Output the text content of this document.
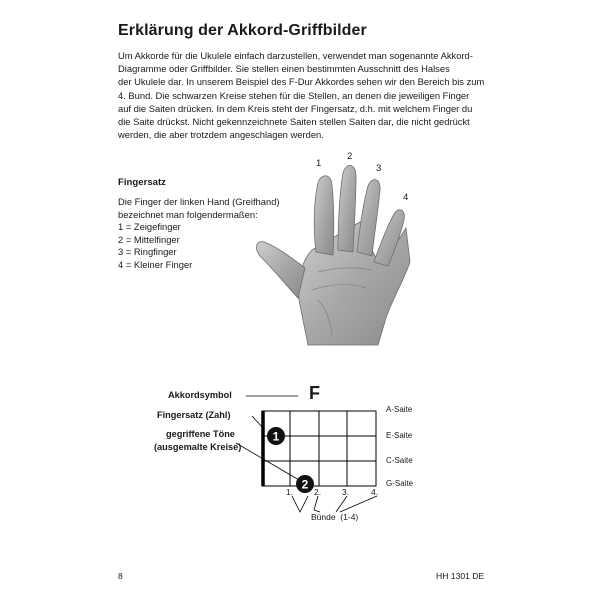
Erklärung der Akkord-Griffbilder
Um Akkorde für die Ukulele einfach darzustellen, verwendet man sogenannte Akkord-
Diagramme oder Griffbilder. Sie stellen einen bestimmten Ausschnitt des Halses
der Ukulele dar. In unserem Beispiel des F-Dur Akkordes sehen wir den Bereich bis zum
4. Bund. Die schwarzen Kreise stehen für die Stellen, an denen die jeweiligen Finger
auf die Saiten drücken. In dem Kreis steht der Fingersatz, d.h. mit welchem Finger du
die Saite drückst. Nicht gekennzeichnete Saiten stellen Saiten dar, die nicht gedrückt
werden, die aber trotzdem angeschlagen werden.
Fingersatz
Die Finger der linken Hand (Greifhand)
bezeichnet man folgendermaßen:
1 = Zeigefinger
2 = Mittelfinger
3 = Ringfinger
4 = Kleiner Finger
1
2
3
4
1
2
Akkordsymbol	F
Fingersatz (Zahl)
gegriffene Töne
(ausgemalte Kreise)
A-Saite
E-Saite
C-Saite
G-Saite
1. 2. 3.	4.
Bünde  (1-4)
8	HH 1301 DE
